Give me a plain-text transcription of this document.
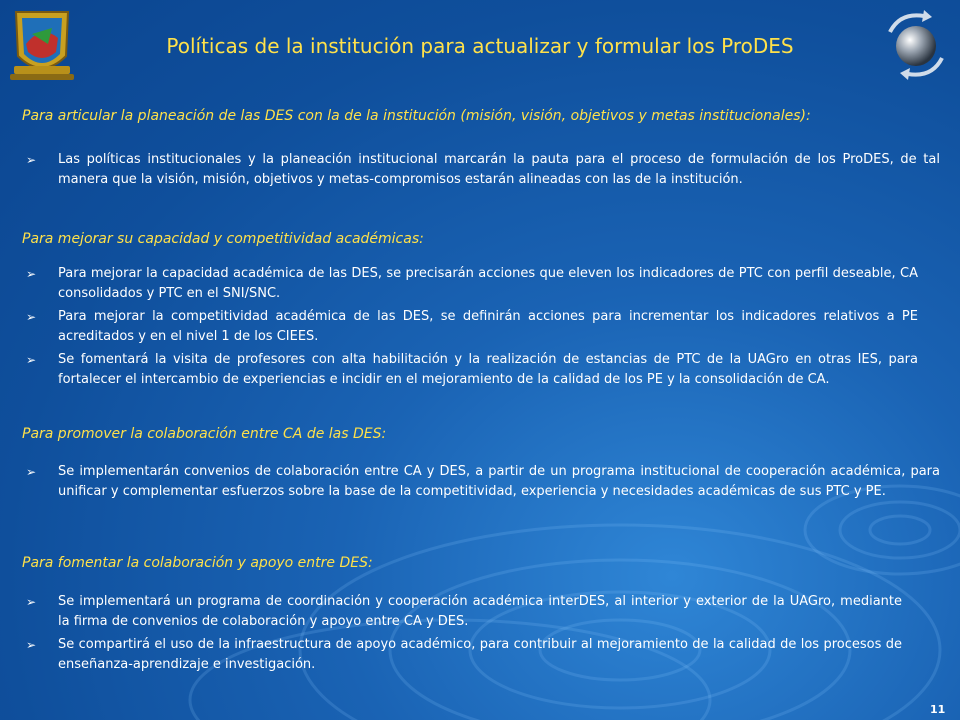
Políticas de la institución para actualizar y formular los ProDES

Para articular la planeación de las DES con la de la institución (misión, visión, objetivos y metas institucionales):

➢	Las políticas institucionales y la planeación institucional marcarán la pauta para el proceso de formulación de los ProDES, de tal manera que la visión, misión, objetivos y metas-compromisos estarán alineadas con las de la institución.

Para mejorar su capacidad y competitividad académicas:

➢	Para mejorar la capacidad académica de las DES, se precisarán acciones que eleven los indicadores de PTC con perfil deseable, CA consolidados y PTC en el SNI/SNC.
➢	Para mejorar la competitividad académica de las DES, se definirán acciones para incrementar los indicadores relativos a PE acreditados y en el nivel 1 de los CIEES.
➢	Se fomentará la visita de profesores con alta habilitación y la realización de estancias de PTC de la UAGro en otras IES, para fortalecer el intercambio de experiencias e incidir en el mejoramiento de la calidad de los PE y la consolidación de CA.

Para promover la colaboración entre CA de las DES:

➢	Se implementarán convenios de colaboración entre CA y DES, a partir de un programa institucional de cooperación académica, para unificar y complementar esfuerzos sobre la base de la competitividad, experiencia y necesidades académicas de sus PTC y PE.

Para fomentar la colaboración y apoyo entre DES:

➢	Se implementará un programa de coordinación y cooperación académica interDES, al interior y exterior de la UAGro, mediante la firma de convenios de colaboración y apoyo entre CA y DES.
➢	Se compartirá el uso de la infraestructura de apoyo académico, para contribuir al mejoramiento de la calidad de los procesos de enseñanza-aprendizaje e investigación.
11
